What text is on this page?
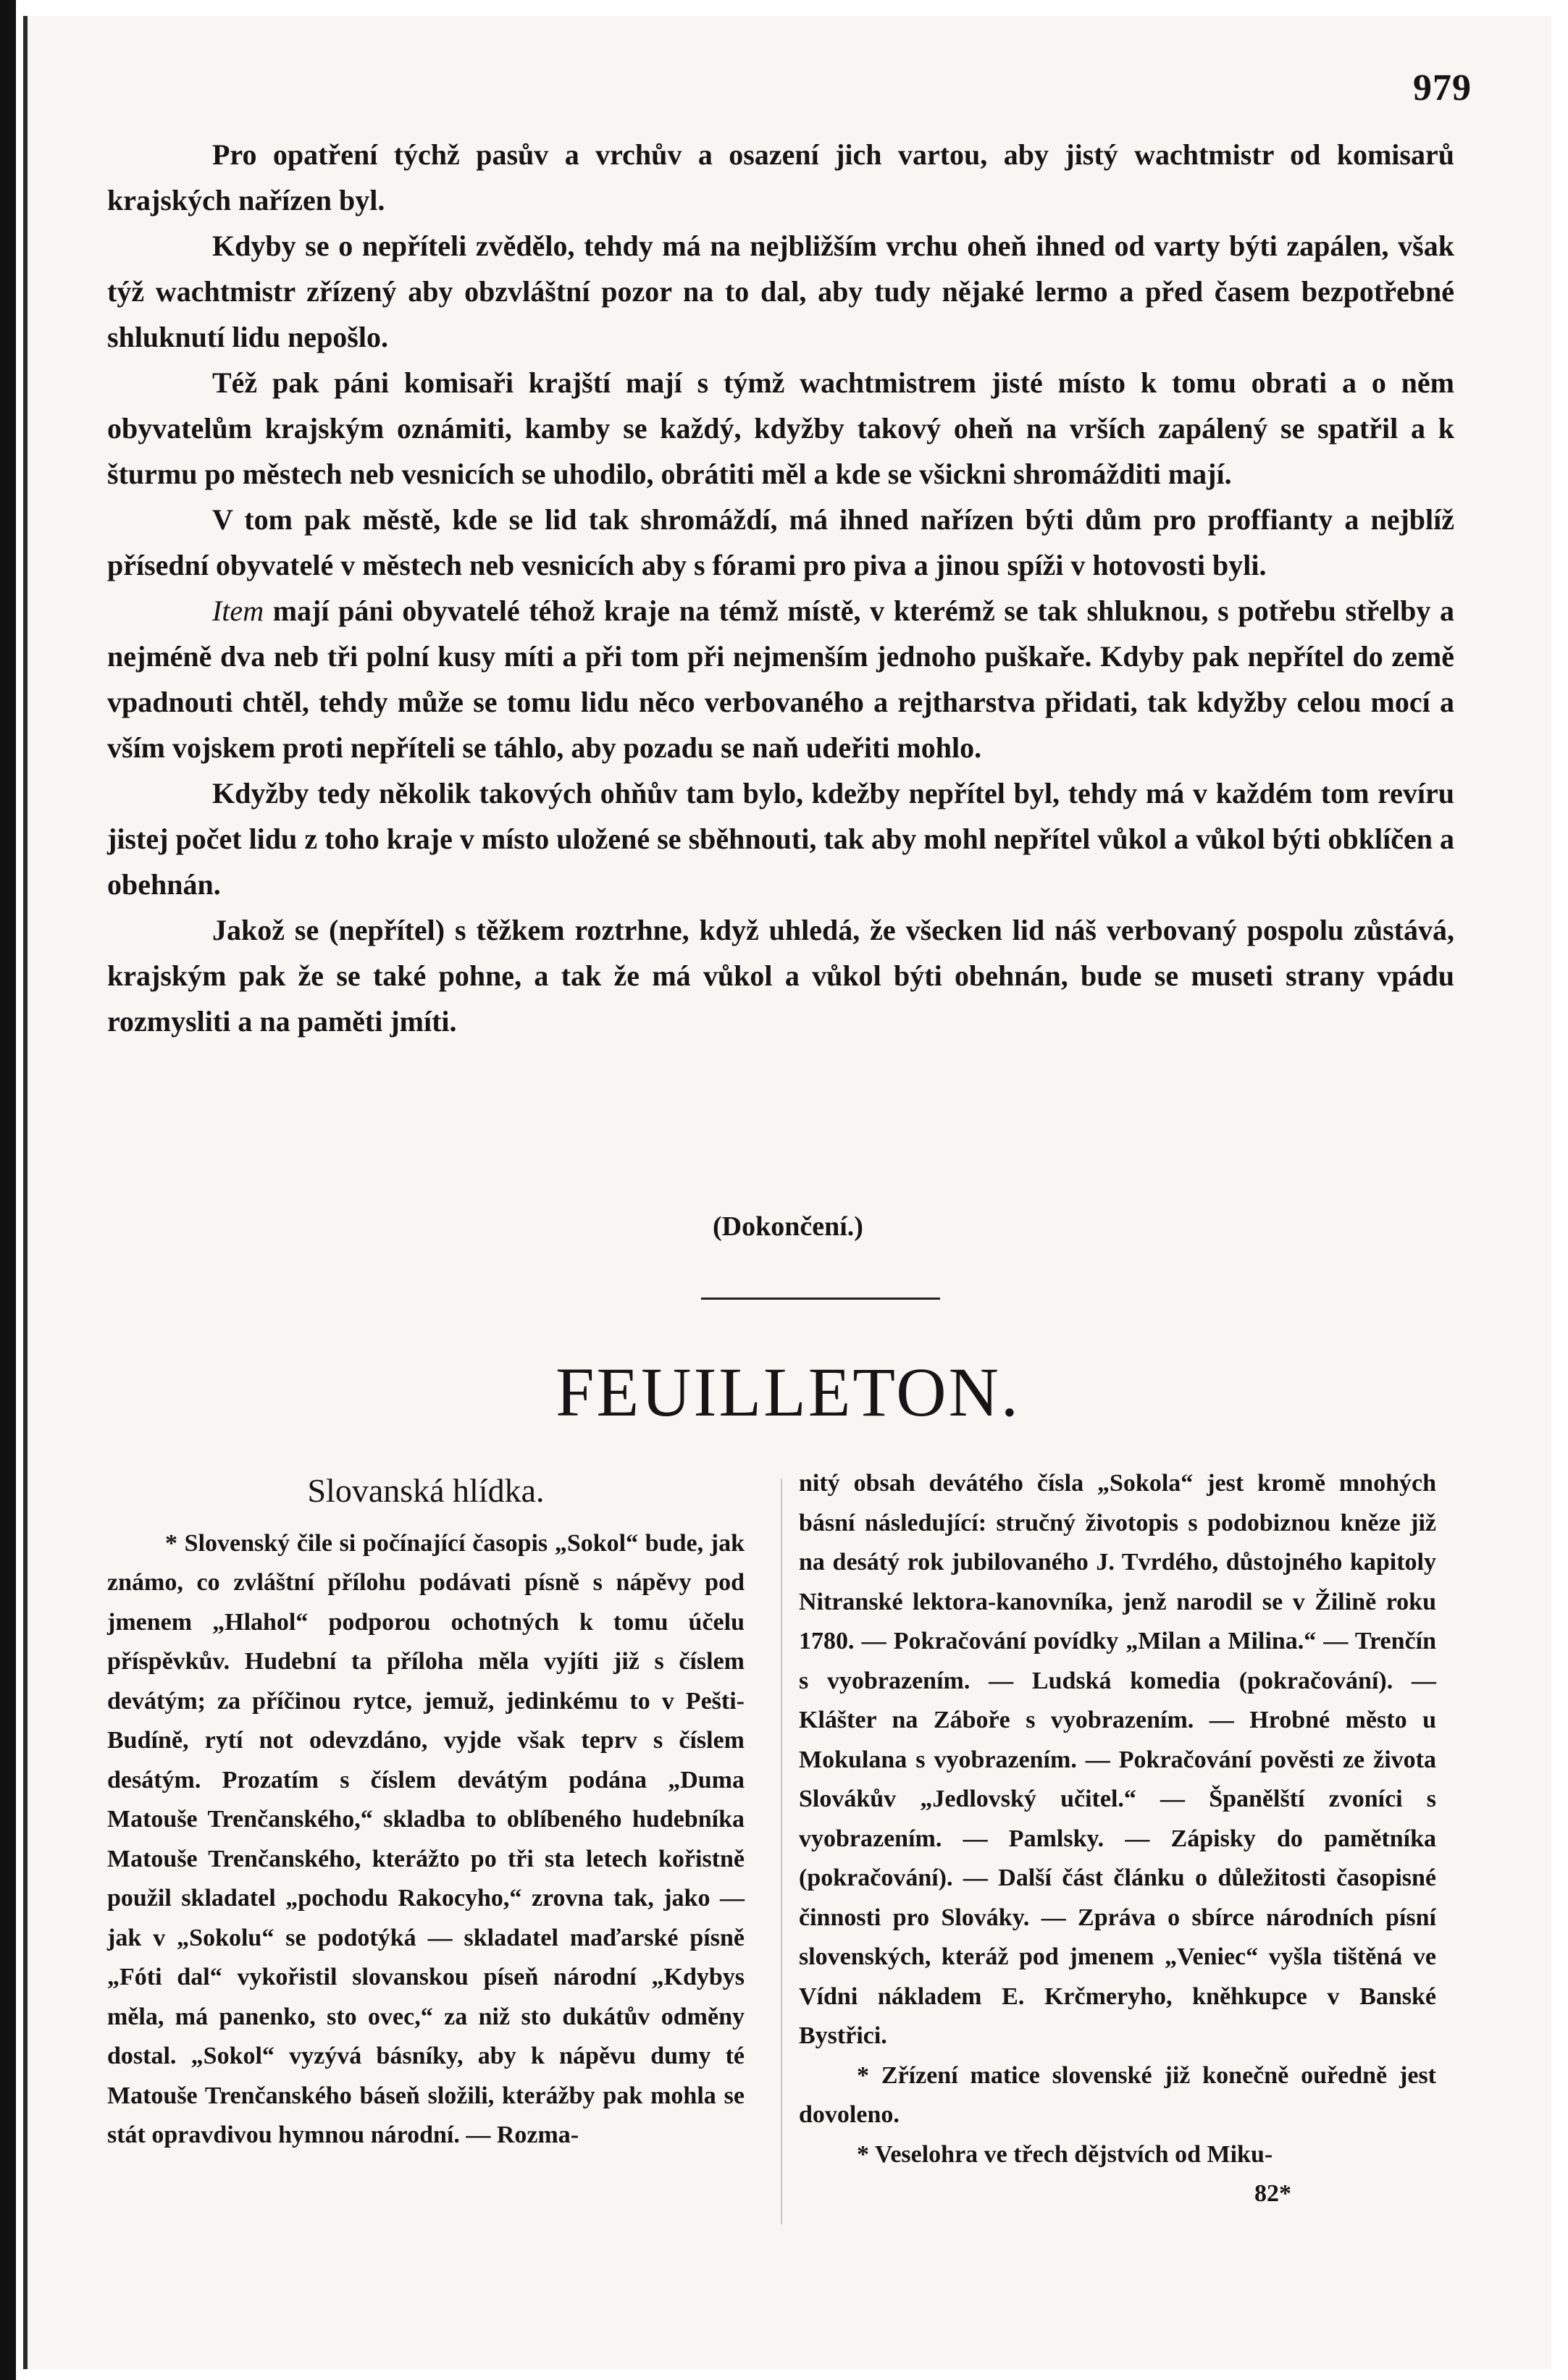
979

Pro opatření týchž pasův a vrchův a osazení jich vartou, aby jistý wachtmistr od komisarů krajských nařízen byl.

Kdyby se o nepříteli zvědělo, tehdy má na nejbližším vrchu oheň ihned od varty býti zapálen, však týž wachtmistr zřízený aby obzvláštní pozor na to dal, aby tudy nějaké lermo a před časem bezpotřebné shluknutí lidu nepošlo.

Též pak páni komisaři krajští mají s týmž wachtmistrem jisté místo k tomu obrati a o něm obyvatelům krajským oznámiti, kamby se každý, kdyžby takový oheň na vrších zapálený se spatřil a k šturmu po městech neb vesnicích se uhodilo, obrátiti měl a kde se všickni shromážditi mají.

V tom pak městě, kde se lid tak shromáždí, má ihned nařízen býti dům pro proffianty a nejblíž přísední obyvatelé v městech neb vesnicích aby s fórami pro piva a jinou spíži v hotovosti byli.

Item mají páni obyvatelé téhož kraje na témž místě, v kterémž se tak shluknou, s potřebu střelby a nejméně dva neb tři polní kusy míti a při tom při nejmenším jednoho puškaře. Kdyby pak nepřítel do země vpadnouti chtěl, tehdy může se tomu lidu něco verbovaného a rejtharstva přidati, tak kdyžby celou mocí a vším vojskem proti nepříteli se táhlo, aby pozadu se naň udeřiti mohlo.

Kdyžby tedy několik takových ohňův tam bylo, kdežby nepřítel byl, tehdy má v každém tom revíru jistej počet lidu z toho kraje v místo uložené se sběhnouti, tak aby mohl nepřítel vůkol a vůkol býti obklíčen a obehnán.

Jakož se (nepřítel) s těžkem roztrhne, když uhledá, že všecken lid náš verbovaný pospolu zůstává, krajským pak že se také pohne, a tak že má vůkol a vůkol býti obehnán, bude se museti strany vpádu rozmysliti a na paměti jmíti.

(Dokončení.)
FEUILLETON.
Slovanská hlídka.

* Slovenský čile si počínající časopis „Sokol“ bude, jak známo, co zvláštní přílohu podávati písně s nápěvy pod jmenem „Hlahol“ podporou ochotných k tomu účelu příspěvkův. Hudební ta příloha měla vyjíti již s číslem devátým; za příčinou rytce, jemuž, jedinkému to v Pešti-Budíně, rytí not odevzdáno, vyjde však teprv s číslem desátým. Prozatím s číslem devátým podána „Duma Matouše Trenčanského,“ skladba to oblíbeného hudebníka Matouše Trenčanského, kterážto po tři sta letech kořistně použil skladatel „pochodu Rakocyho,“ zrovna tak, jako — jak v „Sokolu“ se podotýká — skladatel maďarské písně „Fóti dal“ vykořistil slovanskou píseň národní „Kdybys měla, má panenko, sto ovec,“ za niž sto dukátův odměny dostal. „Sokol“ vyzývá básníky, aby k nápěvu dumy té Matouše Trenčanského báseň složili, kterážby pak mohla se stát opravdivou hymnou národní. — Rozma-

nitý obsah devátého čísla „Sokola“ jest kromě mnohých básní následující: stručný životopis s podobiznou kněze již na desátý rok jubilovaného J. Tvrdého, důstojného kapitoly Nitranské lektora-kanovníka, jenž narodil se v Žilině roku 1780. — Pokračování povídky „Milan a Milina.“ — Trenčín s vyobrazením. — Ludská komedia (pokračování). — Klášter na Záboře s vyobrazením. — Hrobné město u Mokulana s vyobrazením. — Pokračování pověsti ze života Slovákův „Jedlovský učitel.“ — Španělští zvoníci s vyobrazením. — Pamlsky. — Zápisky do pamětníka (pokračování). — Další část článku o důležitosti časopisné činnosti pro Slováky. — Zpráva o sbírce národních písní slovenských, kteráž pod jmenem „Veniec“ vyšla tištěná ve Vídni nákladem E. Krčmeryho, kněhkupce v Banské Bystřici.

* Zřízení matice slovenské již konečně ouředně jest dovoleno.

* Veselohra ve třech dějstvích od Miku-

82*
